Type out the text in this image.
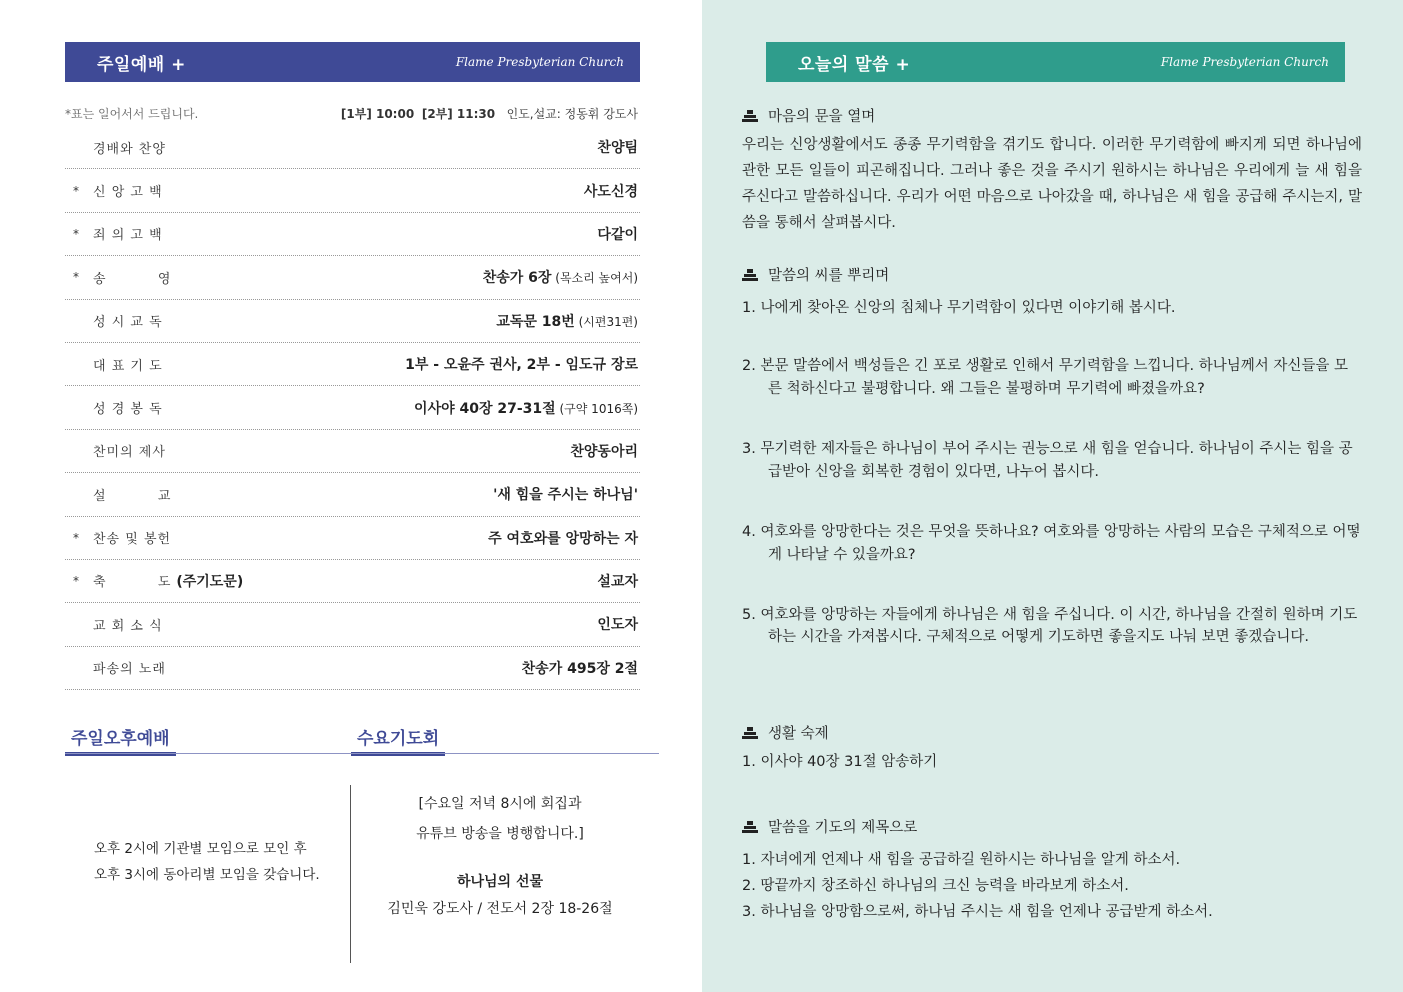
주일예배 +	Flame Presbyterian Church
*표는 일어서서 드립니다.	[1부] 10:00 [2부] 11:30 인도,설교: 정동휘 강도사
경배와 찬양	찬양팀
* 신 앙 고 백	사도신경
* 죄 의 고 백	다같이
* 송          영	찬송가 6장 (목소리 높여서)
성 시 교 독	교독문 18번 (시편31편)
대 표 기 도	1부 - 오윤주 권사, 2부 - 임도규 장로
성 경 봉 독	이사야 40장 27-31절 (구약 1016쪽)
찬미의 제사	찬양동아리
설          교	'새 힘을 주시는 하나님'
* 찬송 및 봉헌	주 여호와를 앙망하는 자
* 축          도 (주기도문)	설교자
교 회 소 식	인도자
파송의 노래	찬송가 495장 2절
주일오후예배	수요기도회
오후 2시에 기관별 모임으로 모인 후
오후 3시에 동아리별 모임을 갖습니다.
[수요일 저녁 8시에 회집과
유튜브 방송을 병행합니다.]
하나님의 선물
김민욱 강도사 / 전도서 2장 18-26절
오늘의 말씀 +	Flame Presbyterian Church
마음의 문을 열며
우리는 신앙생활에서도 종종 무기력함을 겪기도 합니다. 이러한 무기력함에 빠지게 되면 하나님에 관한 모든 일들이 피곤해집니다. 그러나 좋은 것을 주시기 원하시는 하나님은 우리에게 늘 새 힘을 주신다고 말씀하십니다. 우리가 어떤 마음으로 나아갔을 때, 하나님은 새 힘을 공급해 주시는지, 말씀을 통해서 살펴봅시다.
말씀의 씨를 뿌리며
1. 나에게 찾아온 신앙의 침체나 무기력함이 있다면 이야기해 봅시다.
2. 본문 말씀에서 백성들은 긴 포로 생활로 인해서 무기력함을 느낍니다. 하나님께서 자신들을 모른 척하신다고 불평합니다. 왜 그들은 불평하며 무기력에 빠졌을까요?
3. 무기력한 제자들은 하나님이 부어 주시는 권능으로 새 힘을 얻습니다. 하나님이 주시는 힘을 공급받아 신앙을 회복한 경험이 있다면, 나누어 봅시다.
4. 여호와를 앙망한다는 것은 무엇을 뜻하나요? 여호와를 앙망하는 사람의 모습은 구체적으로 어떻게 나타날 수 있을까요?
5. 여호와를 앙망하는 자들에게 하나님은 새 힘을 주십니다. 이 시간, 하나님을 간절히 원하며 기도하는 시간을 가져봅시다. 구체적으로 어떻게 기도하면 좋을지도 나눠 보면 좋겠습니다.
생활 숙제
1. 이사야 40장 31절 암송하기
말씀을 기도의 제목으로
1. 자녀에게 언제나 새 힘을 공급하길 원하시는 하나님을 알게 하소서.
2. 땅끝까지 창조하신 하나님의 크신 능력을 바라보게 하소서.
3. 하나님을 앙망함으로써, 하나님 주시는 새 힘을 언제나 공급받게 하소서.
